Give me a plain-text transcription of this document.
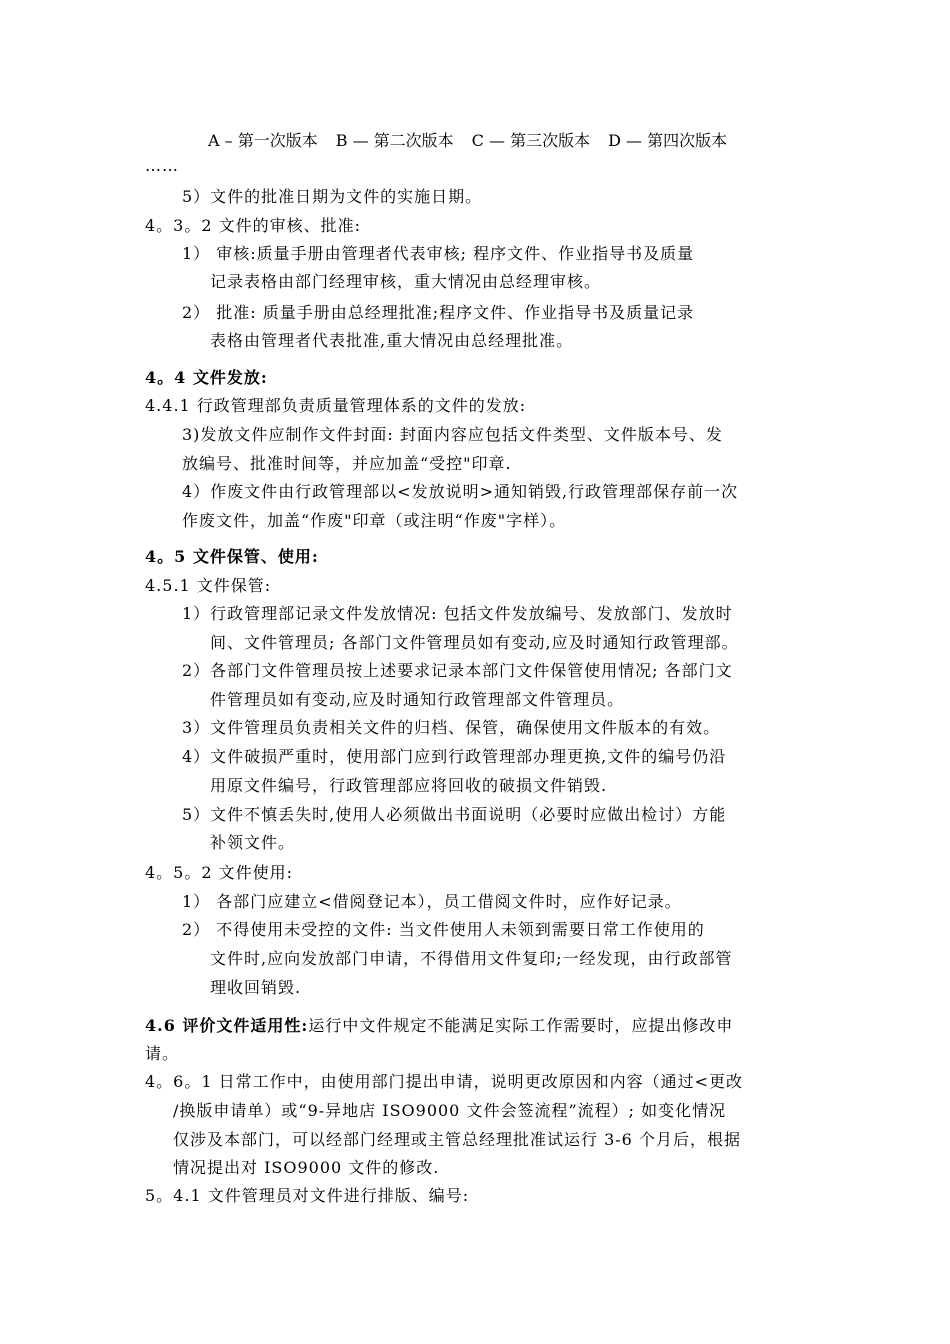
A – 第一次版本 B — 第二次版本 C — 第三次版本 D — 第四次版本
……
5）文件的批准日期为文件的实施日期。
4。3。2 文件的审核、批准:
1） 审核:质量手册由管理者代表审核; 程序文件、作业指导书及质量
记录表格由部门经理审核，重大情况由总经理审核。
2） 批准: 质量手册由总经理批准;程序文件、作业指导书及质量记录
表格由管理者代表批准,重大情况由总经理批准。
4。4 文件发放:
4.4.1 行政管理部负责质量管理体系的文件的发放:
3)发放文件应制作文件封面: 封面内容应包括文件类型、文件版本号、发
放编号、批准时间等，并应加盖“受控"印章.
4）作废文件由行政管理部以<发放说明>通知销毁,行政管理部保存前一次
作废文件，加盖“作废"印章（或注明“作废"字样）。
4。5 文件保管、使用:
4.5.1 文件保管:
1）行政管理部记录文件发放情况: 包括文件发放编号、发放部门、发放时
间、文件管理员; 各部门文件管理员如有变动,应及时通知行政管理部。
2）各部门文件管理员按上述要求记录本部门文件保管使用情况; 各部门文
件管理员如有变动,应及时通知行政管理部文件管理员。
3）文件管理员负责相关文件的归档、保管，确保使用文件版本的有效。
4）文件破损严重时，使用部门应到行政管理部办理更换,文件的编号仍沿
用原文件编号，行政管理部应将回收的破损文件销毁.
5）文件不慎丢失时,使用人必须做出书面说明（必要时应做出检讨）方能
补领文件。
4。5。2 文件使用:
1） 各部门应建立<借阅登记本），员工借阅文件时，应作好记录。
2） 不得使用未受控的文件: 当文件使用人未领到需要日常工作使用的
文件时,应向发放部门申请，不得借用文件复印;一经发现，由行政部管
理收回销毁.
4.6 评价文件适用性:运行中文件规定不能满足实际工作需要时，应提出修改申
请。
4。6。1 日常工作中，由使用部门提出申请，说明更改原因和内容（通过<更改
/换版申请单）或“9-异地店 ISO9000 文件会签流程”流程）; 如变化情况
仅涉及本部门，可以经部门经理或主管总经理批准试运行 3-6 个月后，根据
情况提出对 ISO9000 文件的修改.
5。4.1 文件管理员对文件进行排版、编号:
